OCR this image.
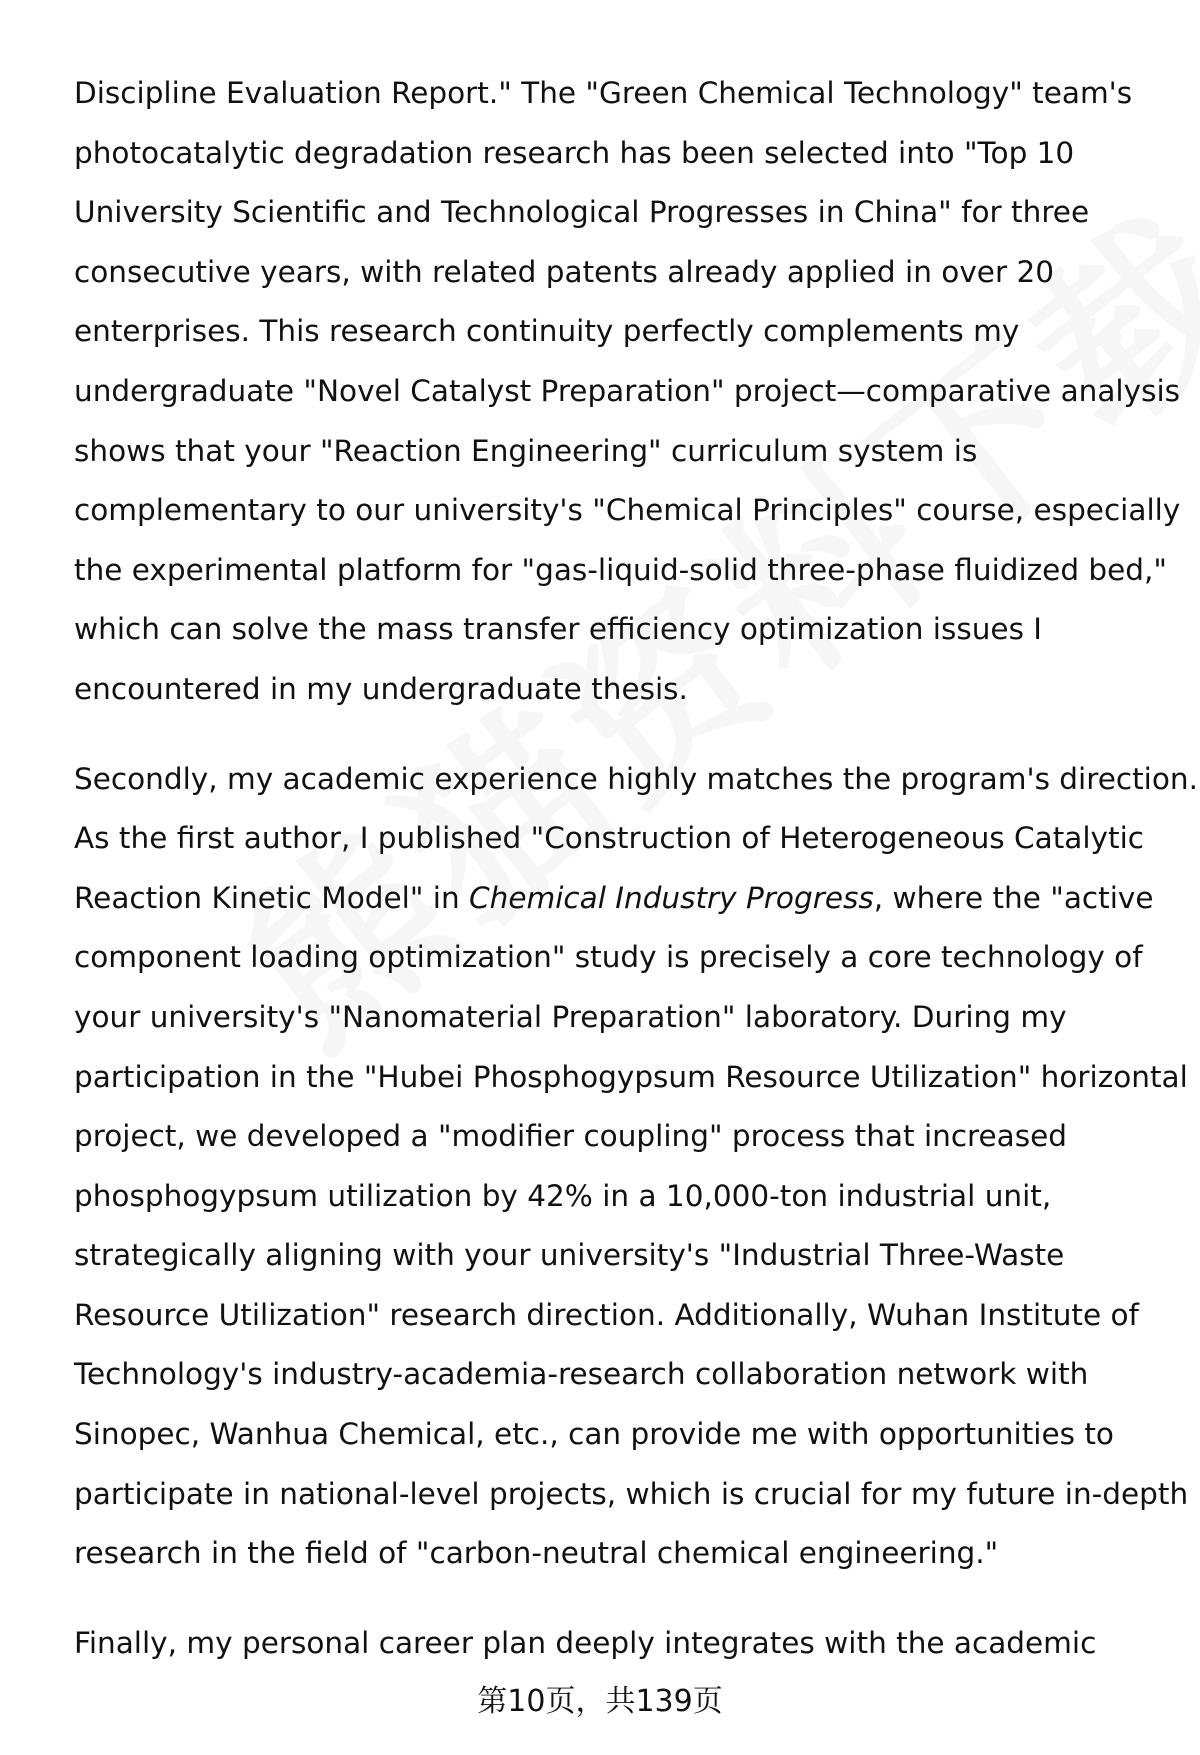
Discipline Evaluation Report." The "Green Chemical Technology" team's
photocatalytic degradation research has been selected into "Top 10
University Scientific and Technological Progresses in China" for three
consecutive years, with related patents already applied in over 20
enterprises. This research continuity perfectly complements my
undergraduate "Novel Catalyst Preparation" project—comparative analysis
shows that your "Reaction Engineering" curriculum system is
complementary to our university's "Chemical Principles" course, especially
the experimental platform for "gas-liquid-solid three-phase fluidized bed,"
which can solve the mass transfer efficiency optimization issues I
encountered in my undergraduate thesis.

Secondly, my academic experience highly matches the program's direction.
As the first author, I published "Construction of Heterogeneous Catalytic
Reaction Kinetic Model" in Chemical Industry Progress, where the "active
component loading optimization" study is precisely a core technology of
your university's "Nanomaterial Preparation" laboratory. During my
participation in the "Hubei Phosphogypsum Resource Utilization" horizontal
project, we developed a "modifier coupling" process that increased
phosphogypsum utilization by 42% in a 10,000-ton industrial unit,
strategically aligning with your university's "Industrial Three-Waste
Resource Utilization" research direction. Additionally, Wuhan Institute of
Technology's industry-academia-research collaboration network with
Sinopec, Wanhua Chemical, etc., can provide me with opportunities to
participate in national-level projects, which is crucial for my future in-depth
research in the field of "carbon-neutral chemical engineering."

Finally, my personal career plan deeply integrates with the academic

第10页，共139页
